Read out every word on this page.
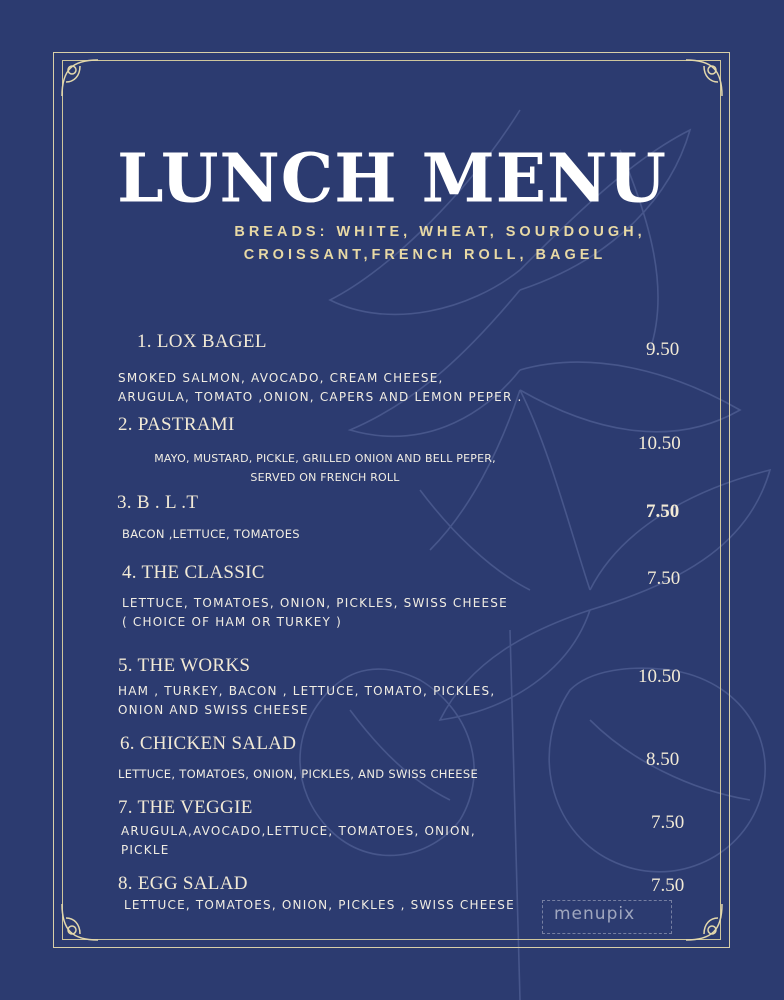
LUNCH MENU
BREADS: WHITE, WHEAT, SOURDOUGH,
CROISSANT,FRENCH ROLL, BAGEL
1. LOX BAGEL	9.50
SMOKED SALMON, AVOCADO, CREAM CHEESE,
ARUGULA, TOMATO ,ONION, CAPERS AND LEMON PEPER .
2. PASTRAMI
10.50
MAYO, MUSTARD, PICKLE, GRILLED ONION AND BELL PEPER,
SERVED ON FRENCH ROLL
3. B . L .T	7.50
BACON ,LETTUCE, TOMATOES
4. THE CLASSIC	7.50
LETTUCE, TOMATOES, ONION, PICKLES, SWISS CHEESE
( CHOICE OF HAM OR TURKEY )
5. THE WORKS
10.50
HAM , TURKEY, BACON , LETTUCE, TOMATO, PICKLES,
ONION AND SWISS CHEESE
6. CHICKEN SALAD
8.50
LETTUCE, TOMATOES, ONION, PICKLES, AND SWISS CHEESE
7. THE VEGGIE
7.50
ARUGULA,AVOCADO,LETTUCE, TOMATOES, ONION,
PICKLE
8. EGG SALAD	7.50
LETTUCE, TOMATOES, ONION, PICKLES , SWISS CHEESE menupix
